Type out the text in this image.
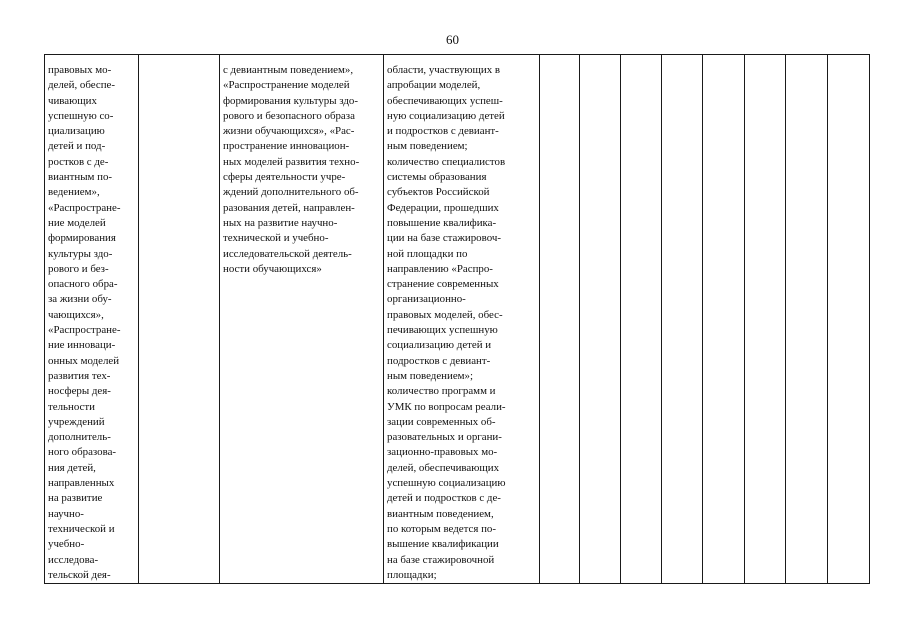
60
правовых мо-
делей, обеспе-
чивающих
успешную со-
циализацию
детей и под-
ростков с де-
виантным по-
ведением»,
«Распростране-
ние моделей
формирования
культуры здо-
рового и без-
опасного обра-
за жизни обу-
чающихся»,
«Распростране-
ние инноваци-
онных моделей
развития тех-
носферы дея-
тельности
учреждений
дополнитель-
ного образова-
ния детей,
направленных
на развитие
научно-
технической и
учебно-
исследова-
тельской дея-

с девиантным поведением»,
«Распространение моделей
формирования культуры здо-
рового и безопасного образа
жизни обучающихся», «Рас-
пространение инновацион-
ных моделей развития техно-
сферы деятельности учре-
ждений дополнительного об-
разования детей, направлен-
ных на развитие научно-
технической и учебно-
исследовательской деятель-
ности обучающихся»

области, участвующих в
апробации моделей,
обеспечивающих успеш-
ную социализацию детей
и подростков с девиант-
ным поведением;
количество специалистов
системы образования
субъектов Российской
Федерации, прошедших
повышение квалифика-
ции на базе стажировоч-
ной площадки по
направлению «Распро-
странение современных
организационно-
правовых моделей, обес-
печивающих успешную
социализацию детей и
подростков с девиант-
ным поведением»;
количество программ и
УМК по вопросам реали-
зации современных об-
разовательных и органи-
зационно-правовых мо-
делей, обеспечивающих
успешную социализацию
детей и подростков с де-
виантным поведением,
по которым ведется по-
вышение квалификации
на базе стажировочной
площадки;
